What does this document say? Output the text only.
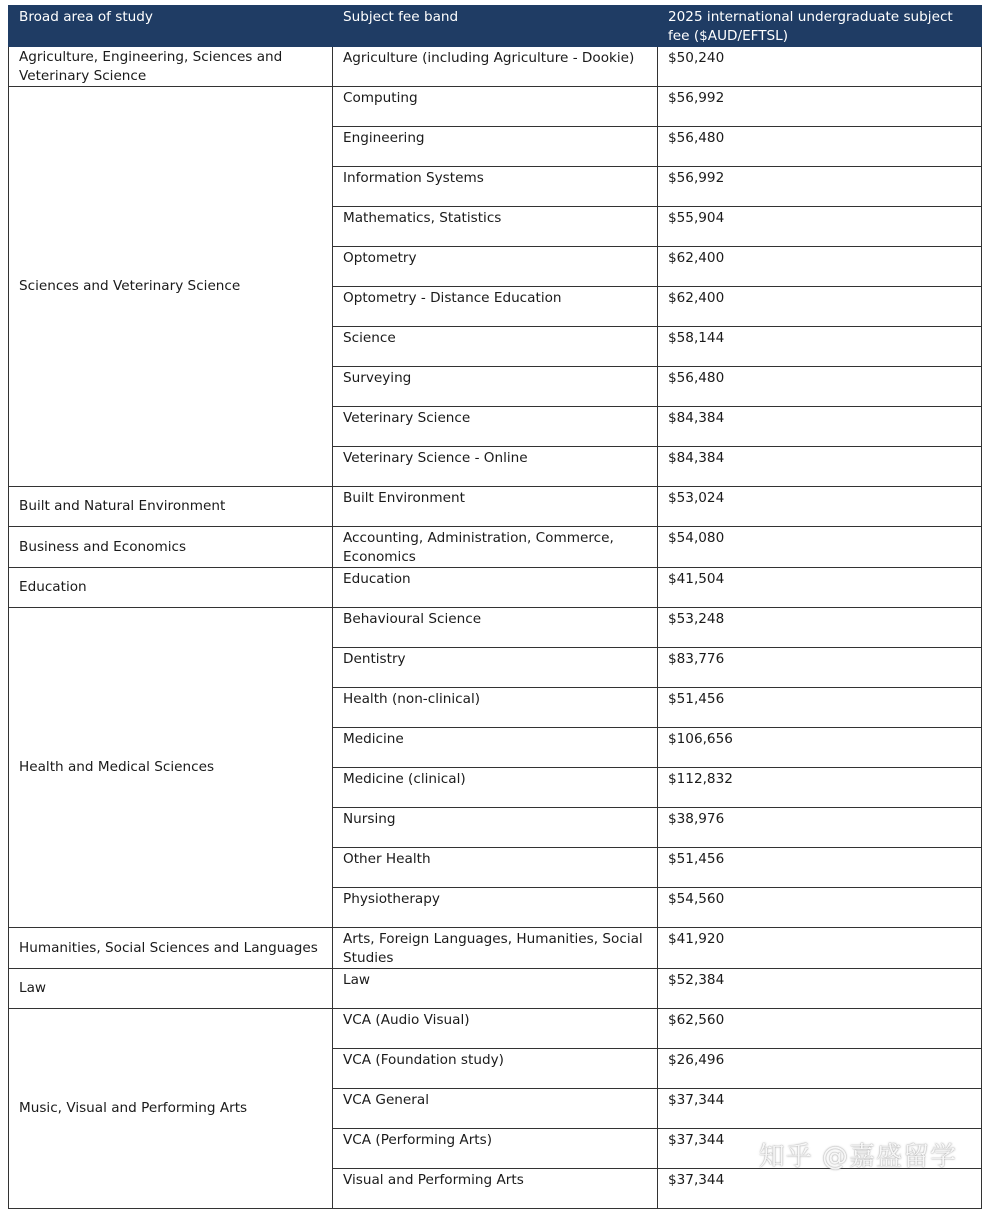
Broad area of study	Subject fee band	2025 international undergraduate subject fee ($AUD/EFTSL)
Agriculture, Engineering, Sciences and Veterinary Science	Agriculture (including Agriculture - Dookie)	$50,240
Sciences and Veterinary Science	Computing	$56,992
	Engineering	$56,480
	Information Systems	$56,992
	Mathematics, Statistics	$55,904
	Optometry	$62,400
	Optometry - Distance Education	$62,400
	Science	$58,144
	Surveying	$56,480
	Veterinary Science	$84,384
	Veterinary Science - Online	$84,384
Built and Natural Environment	Built Environment	$53,024
Business and Economics	Accounting, Administration, Commerce, Economics	$54,080
Education	Education	$41,504
Health and Medical Sciences	Behavioural Science	$53,248
	Dentistry	$83,776
	Health (non-clinical)	$51,456
	Medicine	$106,656
	Medicine (clinical)	$112,832
	Nursing	$38,976
	Other Health	$51,456
	Physiotherapy	$54,560
Humanities, Social Sciences and Languages	Arts, Foreign Languages, Humanities, Social Studies	$41,920
Law	Law	$52,384
Music, Visual and Performing Arts	VCA (Audio Visual)	$62,560
	VCA (Foundation study)	$26,496
	VCA General	$37,344
	VCA (Performing Arts)	$37,344
	Visual and Performing Arts	$37,344
知乎 @嘉盛留学
